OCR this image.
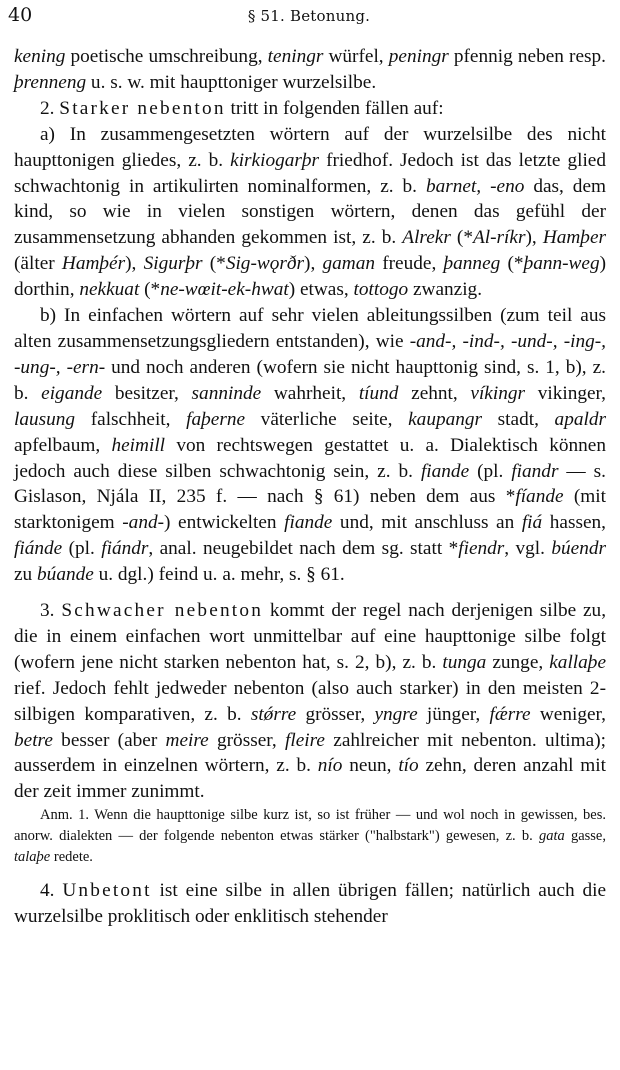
40	§ 51. Betonung.

kening poetische umschreibung, teningr würfel, peningr pfennig neben resp. þrenneng u. s. w. mit haupttoniger wurzelsilbe.

2. Starker nebenton tritt in folgenden fällen auf:

a) In zusammengesetzten wörtern auf der wurzelsilbe des nicht haupttonigen gliedes, z. b. kirkiogarþr friedhof. Jedoch ist das letzte glied schwachtonig in artikulirten nominalformen, z. b. barnet, -eno das, dem kind, so wie in vielen sonstigen wörtern, denen das gefühl der zusammensetzung abhanden gekommen ist, z. b. Alrekr (*Al-ríkr), Hamþer (älter Hamþér), Sigurþr (*Sig-wǫrðr), gaman freude, þanneg (*þann-weg) dorthin, nekkuat (*ne-wœit-ek-hwat) etwas, tottogo zwanzig.

b) In einfachen wörtern auf sehr vielen ableitungssilben (zum teil aus alten zusammensetzungsgliedern entstanden), wie -and-, -ind-, -und-, -ing-, -ung-, -ern- und noch anderen (wofern sie nicht haupttonig sind, s. 1, b), z. b. eigande besitzer, sanninde wahrheit, tíund zehnt, víkingr vikinger, lausung falschheit, faþerne väterliche seite, kaupangr stadt, apaldr apfelbaum, heimill von rechtswegen gestattet u. a. Dialektisch können jedoch auch diese silben schwachtonig sein, z. b. fiande (pl. fiandr — s. Gislason, Njála II, 235 f. — nach § 61) neben dem aus *fíande (mit starktonigem -and-) entwickelten fiande und, mit anschluss an fiá hassen, fiánde (pl. fiándr, anal. neugebildet nach dem sg. statt *fiendr, vgl. búendr zu búande u. dgl.) feind u. a. mehr, s. § 61.

3. Schwacher nebenton kommt der regel nach derjenigen silbe zu, die in einem einfachen wort unmittelbar auf eine haupttonige silbe folgt (wofern jene nicht starken nebenton hat, s. 2, b), z. b. tunga zunge, kallaþe rief. Jedoch fehlt jedweder nebenton (also auch starker) in den meisten 2-silbigen komparativen, z. b. stǿrre grösser, yngre jünger, fǽrre weniger, betre besser (aber meire grösser, fleire zahlreicher mit nebenton. ultima); ausserdem in einzelnen wörtern, z. b. nío neun, tío zehn, deren anzahl mit der zeit immer zunimmt.

Anm. 1. Wenn die haupttonige silbe kurz ist, so ist früher — und wol noch in gewissen, bes. anorw. dialekten — der folgende nebenton etwas stärker ("halbstark") gewesen, z. b. gata gasse, talaþe redete.

4. Unbetont ist eine silbe in allen übrigen fällen; natürlich auch die wurzelsilbe proklitisch oder enklitisch stehender
